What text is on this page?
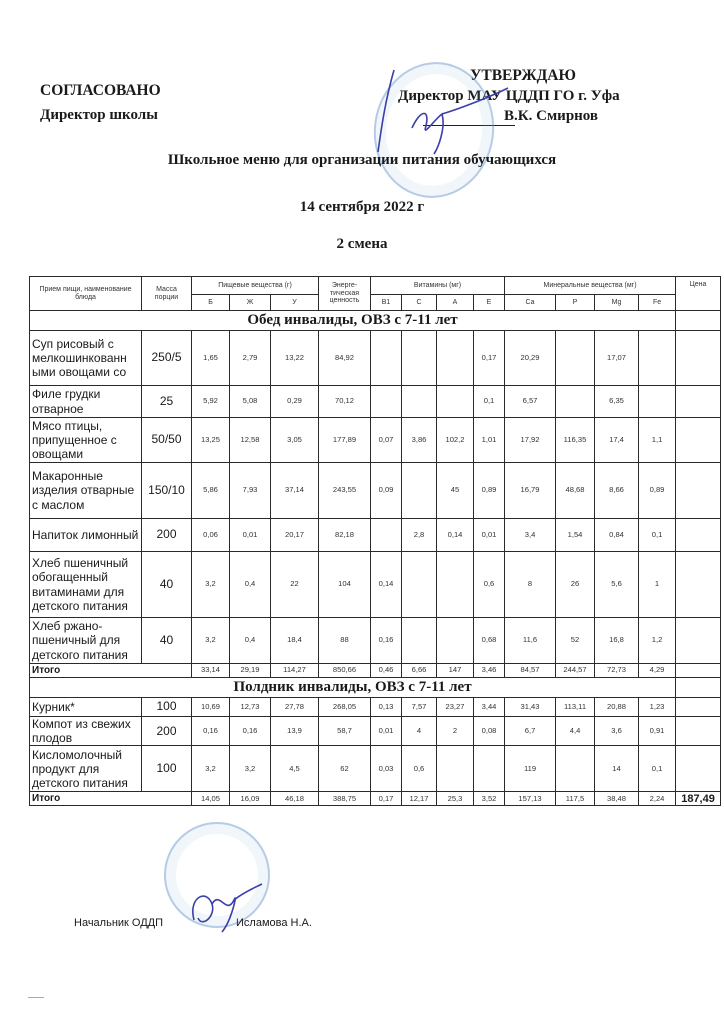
СОГЛАСОВАНО
Директор школы
УТВЕРЖДАЮ
Директор МАУ ЦДДП ГО г. Уфа
В.К. Смирнов
Школьное меню для организации питания обучающихся
14 сентября 2022 г
2 смена
Прием пищи, наименование блюда	Масса порции	Пищевые вещества (г)			Энерге-тическая ценность	Витамины (мг)				Минеральные вещества (мг)				Цена
		Б	Ж	У		B1	C	A	E	Ca	P	Mg	Fe	
Обед инвалиды, ОВЗ с 7-11 лет														
Суп рисовый с мелкошинкованн ыми овощами со	250/5	1,65	2,79	13,22	84,92				0,17	20,29		17,07		
Филе грудки отварное	25	5,92	5,08	0,29	70,12				0,1	6,57		6,35		
Мясо птицы, припущенное с овощами	50/50	13,25	12,58	3,05	177,89	0,07	3,86	102,2	1,01	17,92	116,35	17,4	1,1	
Макаронные изделия отварные с маслом	150/10	5,86	7,93	37,14	243,55	0,09		45	0,89	16,79	48,68	8,66	0,89	
Напиток лимонный	200	0,06	0,01	20,17	82,18		2,8	0,14	0,01	3,4	1,54	0,84	0,1	
Хлеб пшеничный обогащенный витаминами для детского питания	40	3,2	0,4	22	104	0,14			0,6	8	26	5,6	1	
Хлеб ржано-пшеничный для детского питания	40	3,2	0,4	18,4	88	0,16			0,68	11,6	52	16,8	1,2	
Итого		33,14	29,19	114,27	850,66	0,46	6,66	147	3,46	84,57	244,57	72,73	4,29	
Полдник инвалиды, ОВЗ с 7-11 лет														
Курник*	100	10,69	12,73	27,78	268,05	0,13	7,57	23,27	3,44	31,43	113,11	20,88	1,23	
Компот из свежих плодов	200	0,16	0,16	13,9	58,7	0,01	4	2	0,08	6,7	4,4	3,6	0,91	
Кисломолочный продукт для детского питания	100	3,2	3,2	4,5	62	0,03	0,6			119		14	0,1	
Итого		14,05	16,09	46,18	388,75	0,17	12,17	25,3	3,52	157,13	117,5	38,48	2,24	187,49
Начальник ОДДП	Исламова Н.А.
